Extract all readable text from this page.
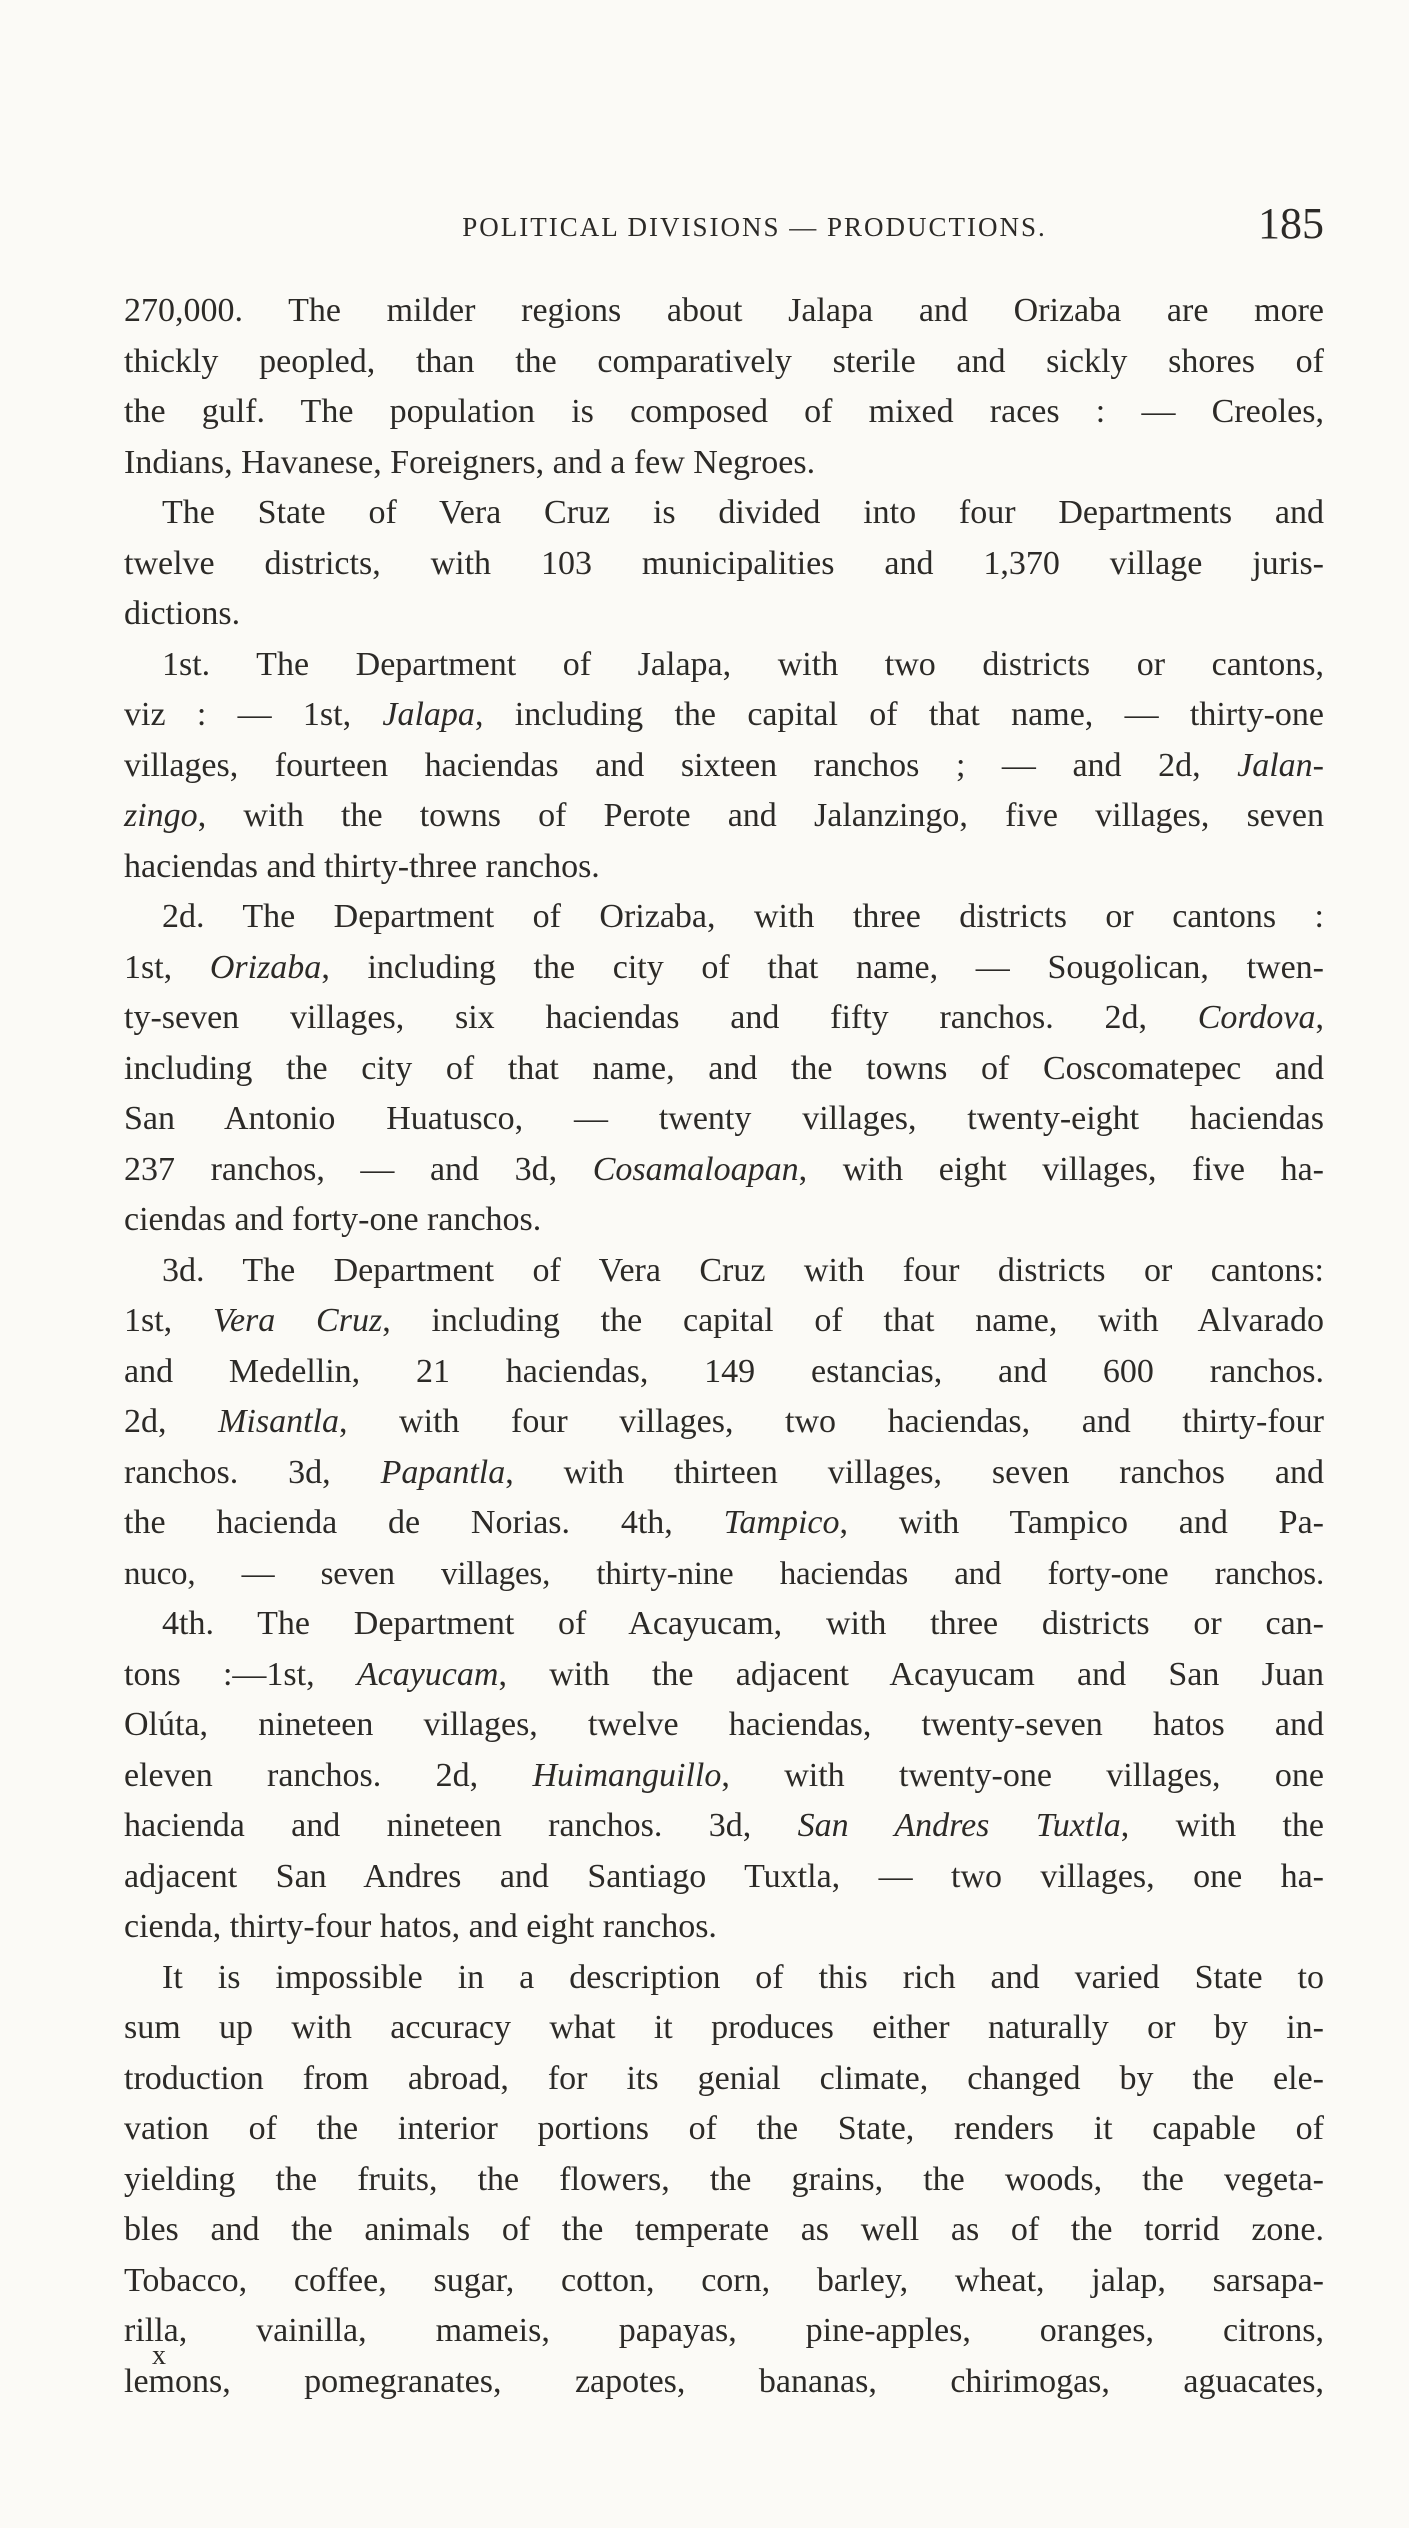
POLITICAL DIVISIONS — PRODUCTIONS.	185
270,000. The milder regions about Jalapa and Orizaba are more
thickly peopled, than the comparatively sterile and sickly shores of
the gulf. The population is composed of mixed races : — Creoles,
Indians, Havanese, Foreigners, and a few Negroes.
The State of Vera Cruz is divided into four Departments and
twelve districts, with 103 municipalities and 1,370 village juris-
dictions.
1st. The Department of Jalapa, with two districts or cantons,
viz : — 1st, Jalapa, including the capital of that name, — thirty-one
villages, fourteen haciendas and sixteen ranchos ; — and 2d, Jalan-
zingo, with the towns of Perote and Jalanzingo, five villages, seven
haciendas and thirty-three ranchos.
2d. The Department of Orizaba, with three districts or cantons :
1st, Orizaba, including the city of that name, — Sougolican, twen-
ty-seven villages, six haciendas and fifty ranchos. 2d, Cordova,
including the city of that name, and the towns of Coscomatepec and
San Antonio Huatusco, — twenty villages, twenty-eight haciendas
237 ranchos, — and 3d, Cosamaloapan, with eight villages, five ha-
ciendas and forty-one ranchos.
3d. The Department of Vera Cruz with four districts or cantons:
1st, Vera Cruz, including the capital of that name, with Alvarado
and Medellin, 21 haciendas, 149 estancias, and 600 ranchos.
2d, Misantla, with four villages, two haciendas, and thirty-four
ranchos. 3d, Papantla, with thirteen villages, seven ranchos and
the hacienda de Norias. 4th, Tampico, with Tampico and Pa-
nuco, — seven villages, thirty-nine haciendas and forty-one ranchos.
4th. The Department of Acayucam, with three districts or can-
tons :—1st, Acayucam, with the adjacent Acayucam and San Juan
Olúta, nineteen villages, twelve haciendas, twenty-seven hatos and
eleven ranchos. 2d, Huimanguillo, with twenty-one villages, one
hacienda and nineteen ranchos. 3d, San Andres Tuxtla, with the
adjacent San Andres and Santiago Tuxtla, — two villages, one ha-
cienda, thirty-four hatos, and eight ranchos.
It is impossible in a description of this rich and varied State to
sum up with accuracy what it produces either naturally or by in-
troduction from abroad, for its genial climate, changed by the ele-
vation of the interior portions of the State, renders it capable of
yielding the fruits, the flowers, the grains, the woods, the vegeta-
bles and the animals of the temperate as well as of the torrid zone.
Tobacco, coffee, sugar, cotton, corn, barley, wheat, jalap, sarsapa-
rilla, vainilla, mameis, papayas, pine-apples, oranges, citrons,
lemons, pomegranates, zapotes, bananas, chirimogas, aguacates,
x
